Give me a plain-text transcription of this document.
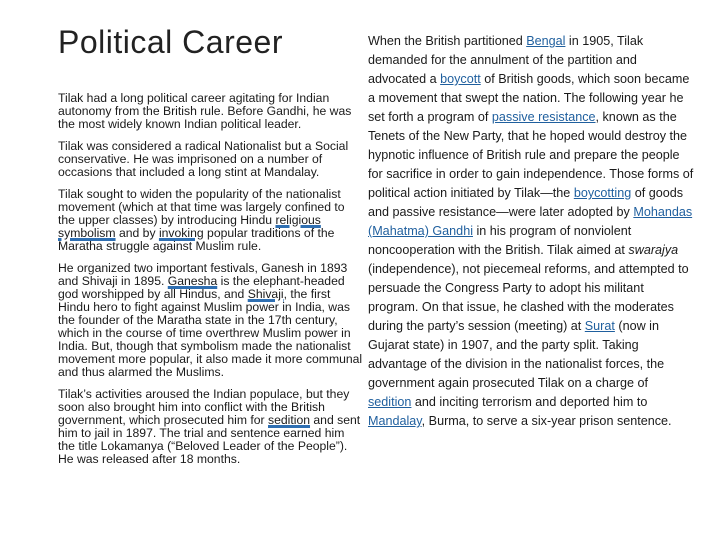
Political Career

Tilak had a long political career agitating for Indian autonomy from the British rule. Before Gandhi, he was the most widely known Indian political leader.

Tilak was considered a radical Nationalist but a Social conservative. He was imprisoned on a number of occasions that included a long stint at Mandalay.

Tilak sought to widen the popularity of the nationalist movement (which at that time was largely confined to the upper classes) by introducing Hindu religious symbolism and by invoking popular traditions of the Maratha struggle against Muslim rule.

He organized two important festivals, Ganesh in 1893 and Shivaji in 1895. Ganesha is the elephant-headed god worshipped by all Hindus, and Shivaji, the first Hindu hero to fight against Muslim power in India, was the founder of the Maratha state in the 17th century, which in the course of time overthrew Muslim power in India. But, though that symbolism made the nationalist movement more popular, it also made it more communal and thus alarmed the Muslims.

Tilak’s activities aroused the Indian populace, but they soon also brought him into conflict with the British government, which prosecuted him for sedition and sent him to jail in 1897. The trial and sentence earned him the title Lokamanya (“Beloved Leader of the People”). He was released after 18 months.

When the British partitioned Bengal in 1905, Tilak demanded for the annulment of the partition and advocated a boycott of British goods, which soon became a movement that swept the nation. The following year he set forth a program of passive resistance, known as the Tenets of the New Party, that he hoped would destroy the hypnotic influence of British rule and prepare the people for sacrifice in order to gain independence. Those forms of political action initiated by Tilak—the boycotting of goods and passive resistance—were later adopted by Mohandas (Mahatma) Gandhi in his program of nonviolent noncooperation with the British. Tilak aimed at swarajya (independence), not piecemeal reforms, and attempted to persuade the Congress Party to adopt his militant program. On that issue, he clashed with the moderates during the party’s session (meeting) at Surat (now in Gujarat state) in 1907, and the party split. Taking advantage of the division in the nationalist forces, the government again prosecuted Tilak on a charge of sedition and inciting terrorism and deported him to Mandalay, Burma, to serve a six-year prison sentence.
